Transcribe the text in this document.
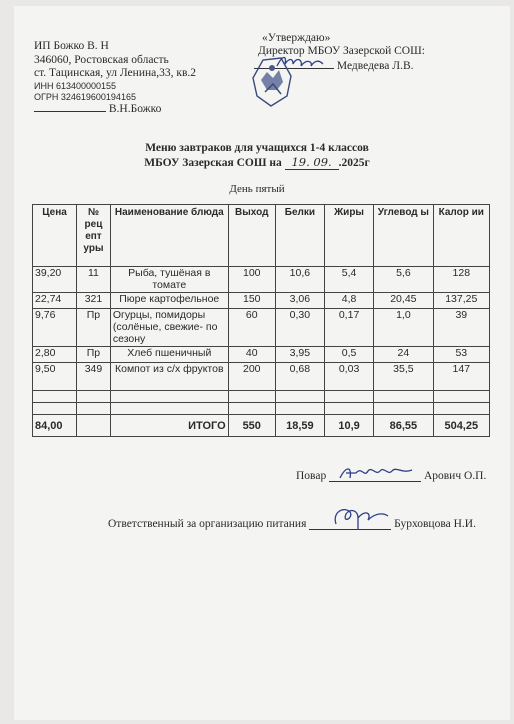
ИП Божко В. Н
346060, Ростовская область
ст. Тацинская, ул Ленина,33, кв.2
ИНН 613400000155
ОГРН 324619600194165
В.Н.Божко
«Утверждаю»
Директор МБОУ Зазерской СОШ:
Медведева Л.В.
Меню завтраков для учащихся 1-4 классов
МБОУ Зазерская СОШ на 19. 09. .2025г
День пятый
Цена	№ рец епт уры	Наименование блюда	Выход	Белки	Жиры	Углевод ы	Калор ии
39,20	11	Рыба, тушёная в томате	100	10,6	5,4	5,6	128
22,74	321	Пюре картофельное	150	3,06	4,8	20,45	137,25
9,76	Пр	Огурцы, помидоры (солёные, свежие- по сезону	60	0,30	0,17	1,0	39
2,80	Пр	Хлеб пшеничный	40	3,95	0,5	24	53
9,50	349	Компот из с/х фруктов	200	0,68	0,03	35,5	147

84,00		ИТОГО	550	18,59	10,9	86,55	504,25
Повар	Арович О.П.
Ответственный за организацию питания	Бурховцова Н.И.
